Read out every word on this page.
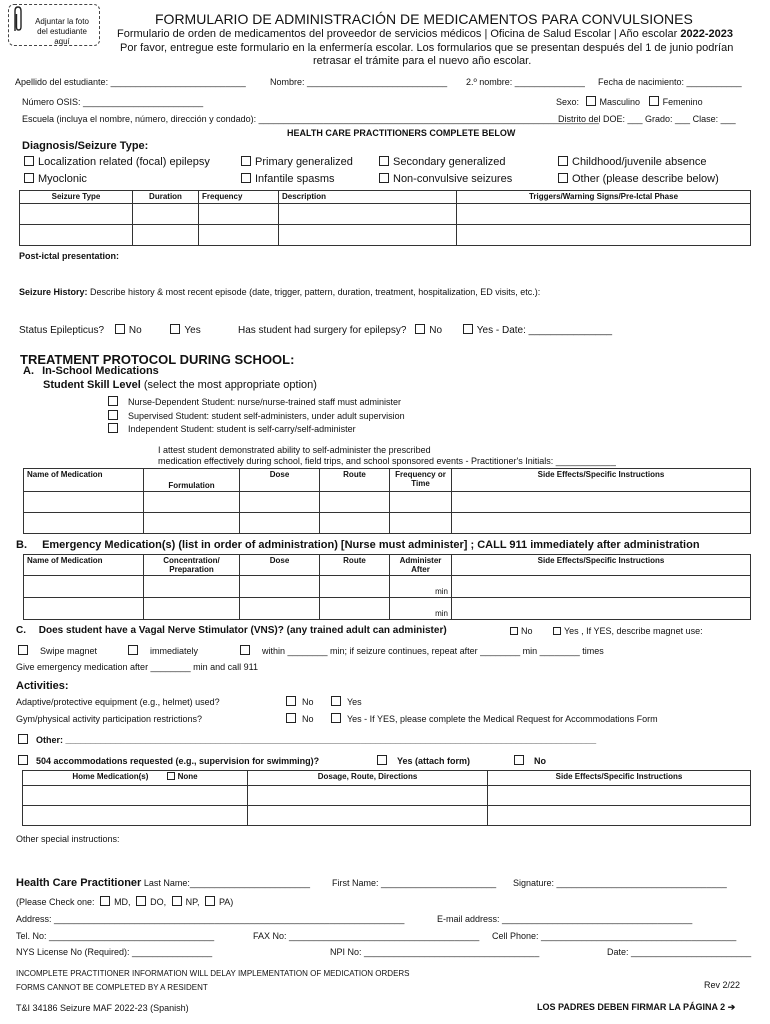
Adjuntar la foto
del estudiante
aquí
FORMULARIO DE ADMINISTRACIÓN DE MEDICAMENTOS PARA CONVULSIONES
Formulario de orden de medicamentos del proveedor de servicios médicos | Oficina de Salud Escolar | Año escolar 2022-2023
Por favor, entregue este formulario en la enfermería escolar. Los formularios que se presentan después del 1 de junio podrían
retrasar el trámite para el nuevo año escolar.
Apellido del estudiante: ___________________________	Nombre: ____________________________ 2.º nombre: ______________ Fecha de nacimiento: ___________
Número OSIS: ________________________	Sexo: Masculino	Femenino
Escuela (incluya el nombre, número, dirección y condado): ____________________________________________________________________
Distrito del DOE: ___ Grado: ___ Clase: ___
HEALTH CARE PRACTITIONERS COMPLETE BELOW
Diagnosis/Seizure Type:
Localization related (focal) epilepsy	Primary generalized	Secondary generalized	Childhood/juvenile absence
Myoclonic	Infantile spasms	Non-convulsive seizures	Other (please describe below)
Seizure Type	Duration	Frequency	Description	Triggers/Warning Signs/Pre-Ictal Phase

Post-ictal presentation:
Seizure History: Describe history & most recent episode (date, trigger, pattern, duration, treatment, hospitalization, ED visits, etc.):
Status Epilepticus? No	Yes	Has student had surgery for epilepsy? No	Yes - Date: _______________
TREATMENT PROTOCOL DURING SCHOOL:
A. In-School Medications
Student Skill Level (select the most appropriate option)
Nurse-Dependent Student: nurse/nurse-trained staff must administer
Supervised Student: student self-administers, under adult supervision
Independent Student: student is self-carry/self-administer
I attest student demonstrated ability to self-administer the prescribed
medication effectively during school, field trips, and school sponsored events - Practitioner's Initials: ____________
Name of Medication	Formulation	Dose	Route	Frequency or Time	Side Effects/Specific Instructions

B. Emergency Medication(s) (list in order of administration) [Nurse must administer] ; CALL 911 immediately after administration
Name of Medication	Concentration/ Preparation	Dose	Route	Administer After	Side Effects/Specific Instructions
				min	
				min	
C. Does student have a Vagal Nerve Stimulator (VNS)? (any trained adult can administer)	No	Yes , If YES, describe magnet use:
Swipe magnet	immediately	within ________ min; if seizure continues, repeat after ________ min ________ times
Give emergency medication after ________ min and call 911
Activities:
Adaptive/protective equipment (e.g., helmet) used?	No	Yes
Gym/physical activity participation restrictions?	No	Yes - If YES, please complete the Medical Request for Accommodations Form
Other: __________________________________________________________________________________________________________
504 accommodations requested (e.g., supervision for swimming)?	Yes (attach form)	No
Home Medication(s) None	Dosage, Route, Directions	Side Effects/Specific Instructions

Other special instructions:
Health Care Practitioner Last Name:________________________ First Name: _______________________ Signature: __________________________________
(Please Check one: MD, DO, NP, PA)
Address: ______________________________________________________________________	E-mail address: ______________________________________
Tel. No: _________________________________	FAX No: ______________________________________ Cell Phone: _______________________________________
NYS License No (Required): ________________	NPI No: ___________________________________	Date: ________________________
INCOMPLETE PRACTITIONER INFORMATION WILL DELAY IMPLEMENTATION OF MEDICATION ORDERS
FORMS CANNOT BE COMPLETED BY A RESIDENT	Rev 2/22
T&I 34186 Seizure MAF 2022-23 (Spanish)	LOS PADRES DEBEN FIRMAR LA PÁGINA 2 ➔
